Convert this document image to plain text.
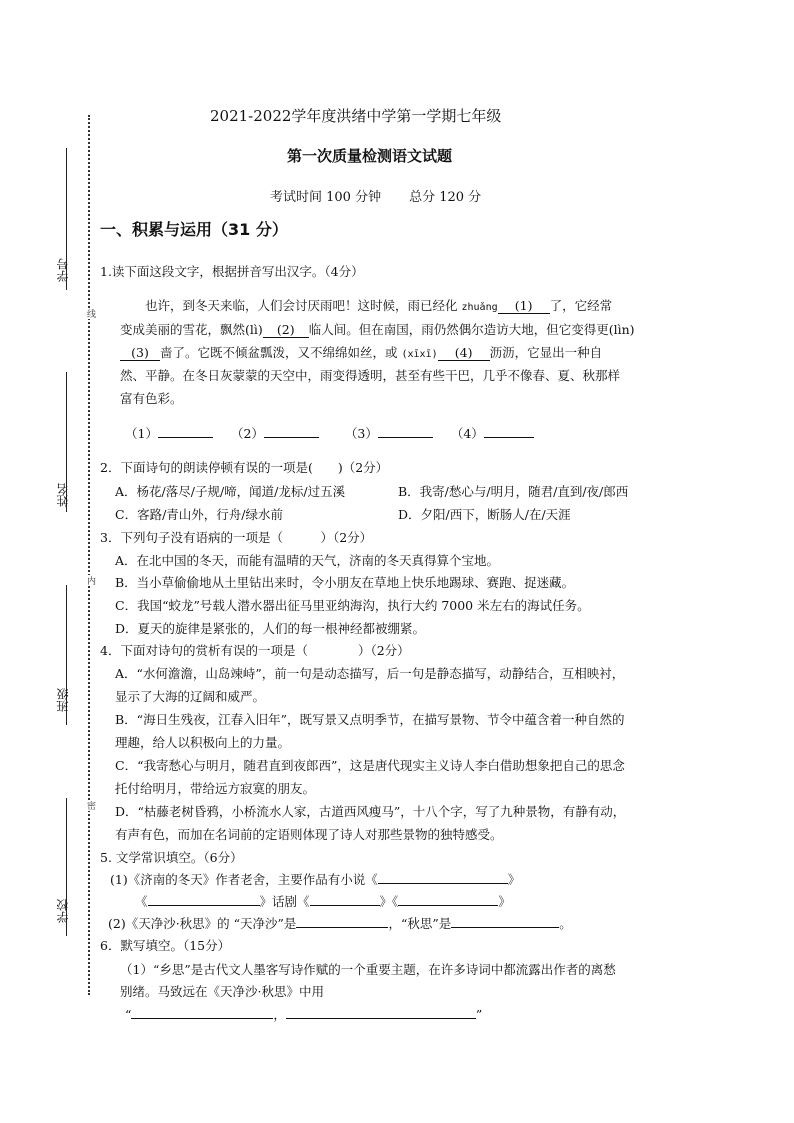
学号
姓名
班级
学校
线
内
密
2021-2022学年度洪绪中学第一学期七年级
第一次质量检测语文试题
考试时间 100 分钟 总分 120 分
一、积累与运用（31 分）
1.读下面这段文字，根据拼音写出汉字。（4分）
也许，到冬天来临，人们会讨厌雨吧！这时候，雨已经化 zhuǎng (1) 了，它经常
变成美丽的雪花，飘然(lì) (2) 临人间。但在南国，雨仍然偶尔造访大地，但它变得更(lìn)
(3) 啬了。它既不倾盆瓢泼，又不绵绵如丝，或 (xīxī) (4) 沥沥，它显出一种自
然、平静。在冬日灰蒙蒙的天空中，雨变得透明，甚至有些干巴，几乎不像春、夏、秋那样
富有色彩。
（1）	（2）	（3）	（4）
2．下面诗句的朗读停顿有误的一项是(　　)（2分）
A．杨花/落尽/子规/啼，闻道/龙标/过五溪	B．我寄/愁心与/明月，随君/直到/夜/郎西
C．客路/青山外，行舟/绿水前	D．夕阳/西下，断肠人/在/天涯
3．下列句子没有语病的一项是（　　　）（2分）
A．在北中国的冬天，而能有温晴的天气，济南的冬天真得算个宝地。
B．当小草偷偷地从土里钻出来时，令小朋友在草地上快乐地踢球、赛跑、捉迷藏。
C．我国“蛟龙”号载人潜水器出征马里亚纳海沟，执行大约 7000 米左右的海试任务。
D．夏天的旋律是紧张的，人们的每一根神经都被绷紧。
4．下面对诗句的赏析有误的一项是（　　　　）（2分）
A．“水何澹澹，山岛竦峙”，前一句是动态描写，后一句是静态描写，动静结合，互相映衬，
显示了大海的辽阔和威严。
B．“海日生残夜，江春入旧年”，既写景又点明季节，在描写景物、节令中蕴含着一种自然的
理趣，给人以积极向上的力量。
C．“我寄愁心与明月，随君直到夜郎西”，这是唐代现实主义诗人李白借助想象把自己的思念
托付给明月，带给远方寂寞的朋友。
D．“枯藤老树昏鸦，小桥流水人家，古道西风瘦马”，十八个字，写了九种景物，有静有动，
有声有色，而加在名词前的定语则体现了诗人对那些景物的独特感受。
5. 文学常识填空。（6分）
(1)《济南的冬天》作者老舍，主要作品有小说《	》
《	》话剧《	》《	》
(2)《天净沙·秋思》的 “天净沙”是	，“秋思”是	。
6．默写填空。（15分）
（1）“乡思”是古代文人墨客写诗作赋的一个重要主题，在许多诗词中都流露出作者的离愁
别绪。马致远在《天净沙·秋思》中用
“	，	”
